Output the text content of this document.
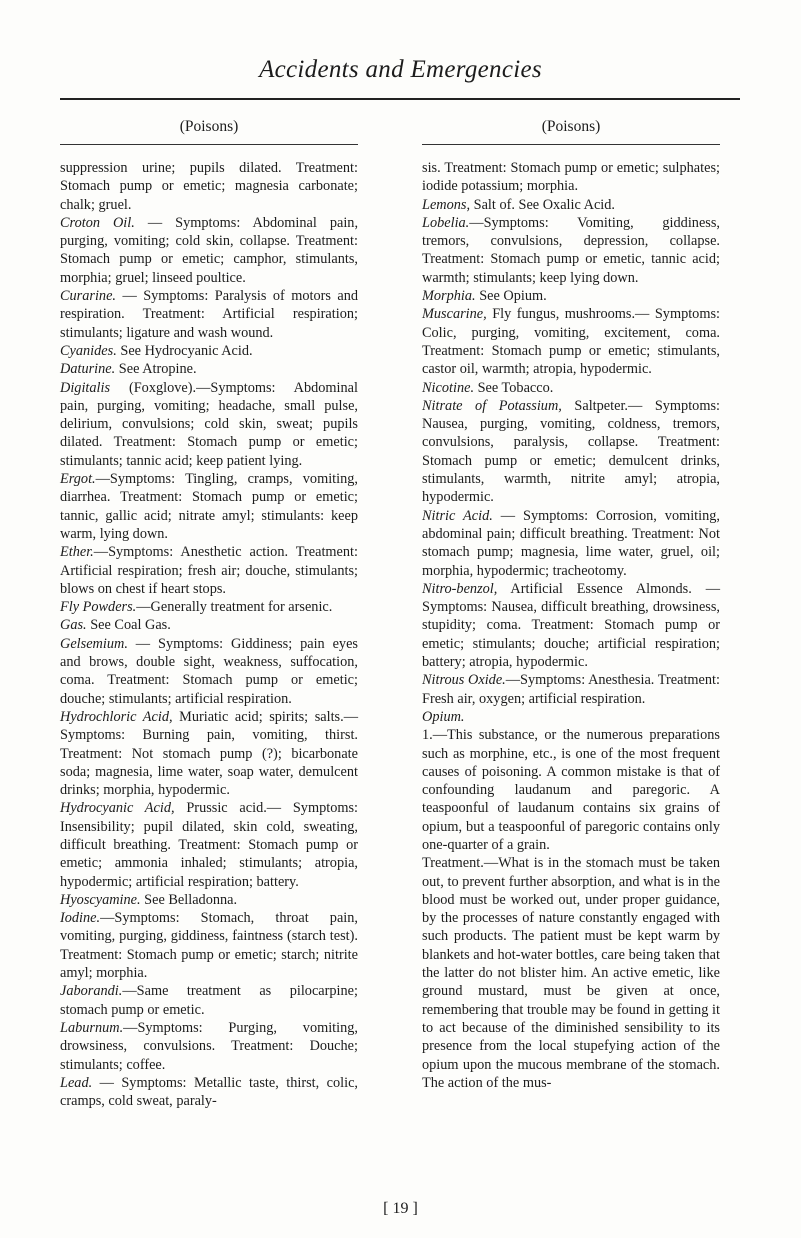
Accidents and Emergencies
(Poisons)

suppression urine; pupils dilated. Treatment: Stomach pump or emetic; magnesia carbonate; chalk; gruel.

Croton Oil. — Symptoms: Abdominal pain, purging, vomiting; cold skin, collapse. Treatment: Stomach pump or emetic; camphor, stimulants, morphia; gruel; linseed poultice.

Curarine. — Symptoms: Paralysis of motors and respiration. Treatment: Artificial respiration; stimulants; ligature and wash wound.

Cyanides. See Hydrocyanic Acid.

Daturine. See Atropine.

Digitalis (Foxglove).—Symptoms: Abdominal pain, purging, vomiting; headache, small pulse, delirium, convulsions; cold skin, sweat; pupils dilated. Treatment: Stomach pump or emetic; stimulants; tannic acid; keep patient lying.

Ergot.—Symptoms: Tingling, cramps, vomiting, diarrhea. Treatment: Stomach pump or emetic; tannic, gallic acid; nitrate amyl; stimulants: keep warm, lying down.

Ether.—Symptoms: Anesthetic action. Treatment: Artificial respiration; fresh air; douche, stimulants; blows on chest if heart stops.

Fly Powders.—Generally treatment for arsenic.

Gas. See Coal Gas.

Gelsemium. — Symptoms: Giddiness; pain eyes and brows, double sight, weakness, suffocation, coma. Treatment: Stomach pump or emetic; douche; stimulants; artificial respiration.

Hydrochloric Acid, Muriatic acid; spirits; salts.—Symptoms: Burning pain, vomiting, thirst. Treatment: Not stomach pump (?); bicarbonate soda; magnesia, lime water, soap water, demulcent drinks; morphia, hypodermic.

Hydrocyanic Acid, Prussic acid.— Symptoms: Insensibility; pupil dilated, skin cold, sweating, difficult breathing. Treatment: Stomach pump or emetic; ammonia inhaled; stimulants; atropia, hypodermic; artificial respiration; battery.

Hyoscyamine. See Belladonna.

Iodine.—Symptoms: Stomach, throat pain, vomiting, purging, giddiness, faintness (starch test). Treatment: Stomach pump or emetic; starch; nitrite amyl; morphia.

Jaborandi.—Same treatment as pilocarpine; stomach pump or emetic.

Laburnum.—Symptoms: Purging, vomiting, drowsiness, convulsions. Treatment: Douche; stimulants; coffee.

Lead. — Symptoms: Metallic taste, thirst, colic, cramps, cold sweat, paraly-

(Poisons)

sis. Treatment: Stomach pump or emetic; sulphates; iodide potassium; morphia.

Lemons, Salt of. See Oxalic Acid.

Lobelia.—Symptoms: Vomiting, giddiness, tremors, convulsions, depression, collapse. Treatment: Stomach pump or emetic, tannic acid; warmth; stimulants; keep lying down.

Morphia. See Opium.

Muscarine, Fly fungus, mushrooms.— Symptoms: Colic, purging, vomiting, excitement, coma. Treatment: Stomach pump or emetic; stimulants, castor oil, warmth; atropia, hypodermic.

Nicotine. See Tobacco.

Nitrate of Potassium, Saltpeter.— Symptoms: Nausea, purging, vomiting, coldness, tremors, convulsions, paralysis, collapse. Treatment: Stomach pump or emetic; demulcent drinks, stimulants, warmth, nitrite amyl; atropia, hypodermic.

Nitric Acid. — Symptoms: Corrosion, vomiting, abdominal pain; difficult breathing. Treatment: Not stomach pump; magnesia, lime water, gruel, oil; morphia, hypodermic; tracheotomy.

Nitro-benzol, Artificial Essence Almonds. — Symptoms: Nausea, difficult breathing, drowsiness, stupidity; coma. Treatment: Stomach pump or emetic; stimulants; douche; artificial respiration; battery; atropia, hypodermic.

Nitrous Oxide.—Symptoms: Anesthesia. Treatment: Fresh air, oxygen; artificial respiration.

Opium.

1.—This substance, or the numerous preparations such as morphine, etc., is one of the most frequent causes of poisoning. A common mistake is that of confounding laudanum and paregoric. A teaspoonful of laudanum contains six grains of opium, but a teaspoonful of paregoric contains only one-quarter of a grain.

Treatment.—What is in the stomach must be taken out, to prevent further absorption, and what is in the blood must be worked out, under proper guidance, by the processes of nature constantly engaged with such products. The patient must be kept warm by blankets and hot-water bottles, care being taken that the latter do not blister him. An active emetic, like ground mustard, must be given at once, remembering that trouble may be found in getting it to act because of the diminished sensibility to its presence from the local stupefying action of the opium upon the mucous membrane of the stomach. The action of the mus-

[ 19 ]
